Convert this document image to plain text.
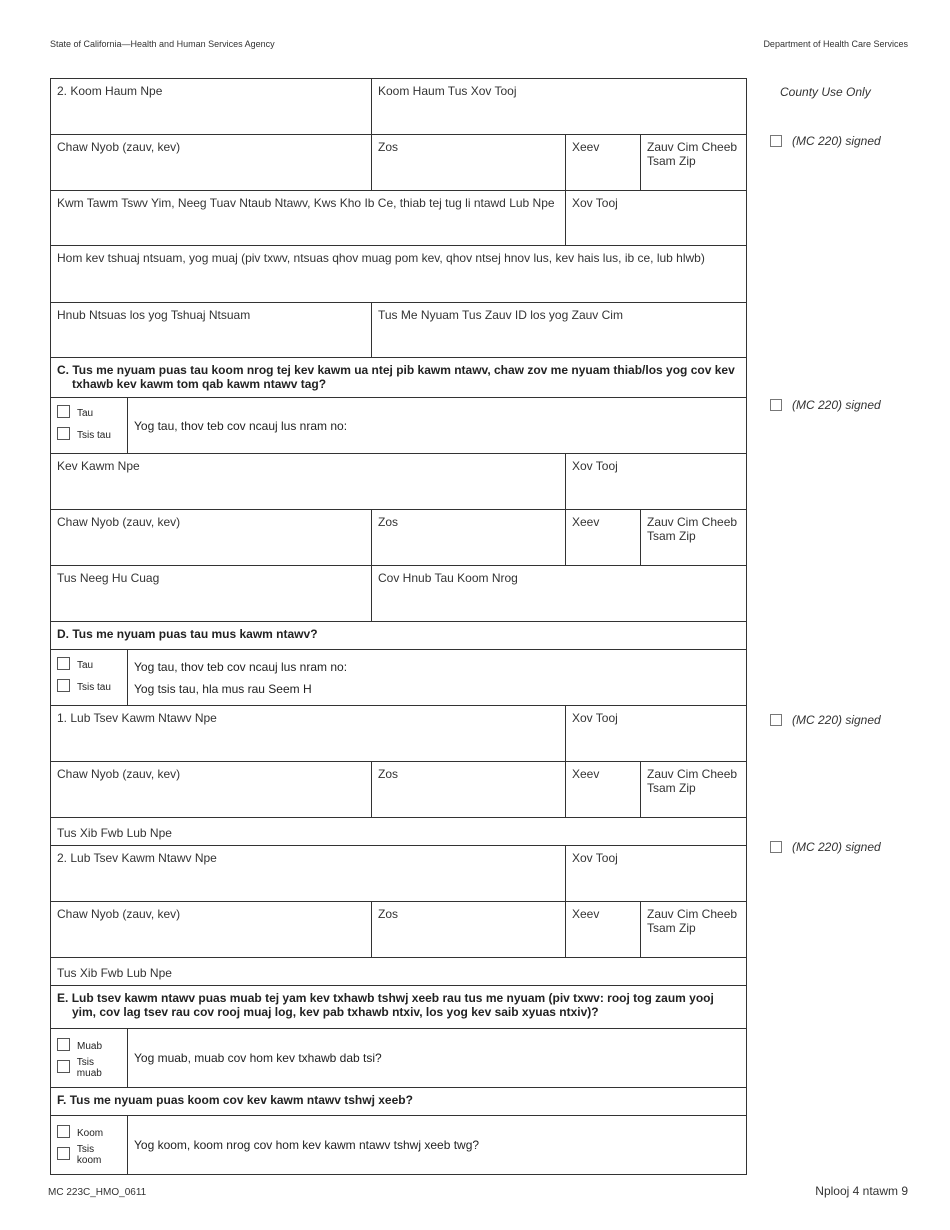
State of California—Health and Human Services Agency	Department of Health Care Services
County Use Only
(MC 220) signed
(MC 220) signed
(MC 220) signed
(MC 220) signed
2. Koom Haum Npe	Koom Haum Tus Xov Tooj
Chaw Nyob (zauv, kev)	Zos	Xeev	Zauv Cim Cheeb Tsam Zip
Kwm Tawm Tswv Yim, Neeg Tuav Ntaub Ntawv, Kws Kho Ib Ce, thiab tej tug li ntawd Lub Npe	Xov Tooj
Hom kev tshuaj ntsuam, yog muaj (piv txwv, ntsuas qhov muag pom kev, qhov ntsej hnov lus, kev hais lus, ib ce, lub hlwb)
Hnub Ntsuas los yog Tshuaj Ntsuam	Tus Me Nyuam Tus Zauv ID los yog Zauv Cim
C. Tus me nyuam puas tau koom nrog tej kev kawm ua ntej pib kawm ntawv, chaw zov me nyuam thiab/los yog cov kev
txhawb kev kawm tom qab kawm ntawv tag?
Tau
Tsis tau
Yog tau, thov teb cov ncauj lus nram no:
Kev Kawm Npe	Xov Tooj
Chaw Nyob (zauv, kev)	Zos	Xeev	Zauv Cim Cheeb Tsam Zip
Tus Neeg Hu Cuag	Cov Hnub Tau Koom Nrog
D. Tus me nyuam puas tau mus kawm ntawv?
Tau
Tsis tau
Yog tau, thov teb cov ncauj lus nram no:
Yog tsis tau, hla mus rau Seem H
1. Lub Tsev Kawm Ntawv Npe	Xov Tooj
Chaw Nyob (zauv, kev)	Zos	Xeev	Zauv Cim Cheeb Tsam Zip
Tus Xib Fwb Lub Npe
2. Lub Tsev Kawm Ntawv Npe	Xov Tooj
Chaw Nyob (zauv, kev)	Zos	Xeev	Zauv Cim Cheeb Tsam Zip
Tus Xib Fwb Lub Npe
E. Lub tsev kawm ntawv puas muab tej yam kev txhawb tshwj xeeb rau tus me nyuam (piv txwv: rooj tog zaum yooj
yim, cov lag tsev rau cov rooj muaj log, kev pab txhawb ntxiv, los yog kev saib xyuas ntxiv)?
Muab
Tsis muab
Yog muab, muab cov hom kev txhawb dab tsi?
F. Tus me nyuam puas koom cov kev kawm ntawv tshwj xeeb?
Koom
Tsis koom
Yog koom, koom nrog cov hom kev kawm ntawv tshwj xeeb twg?
MC 223C_HMO_0611	Nplooj 4 ntawm 9
